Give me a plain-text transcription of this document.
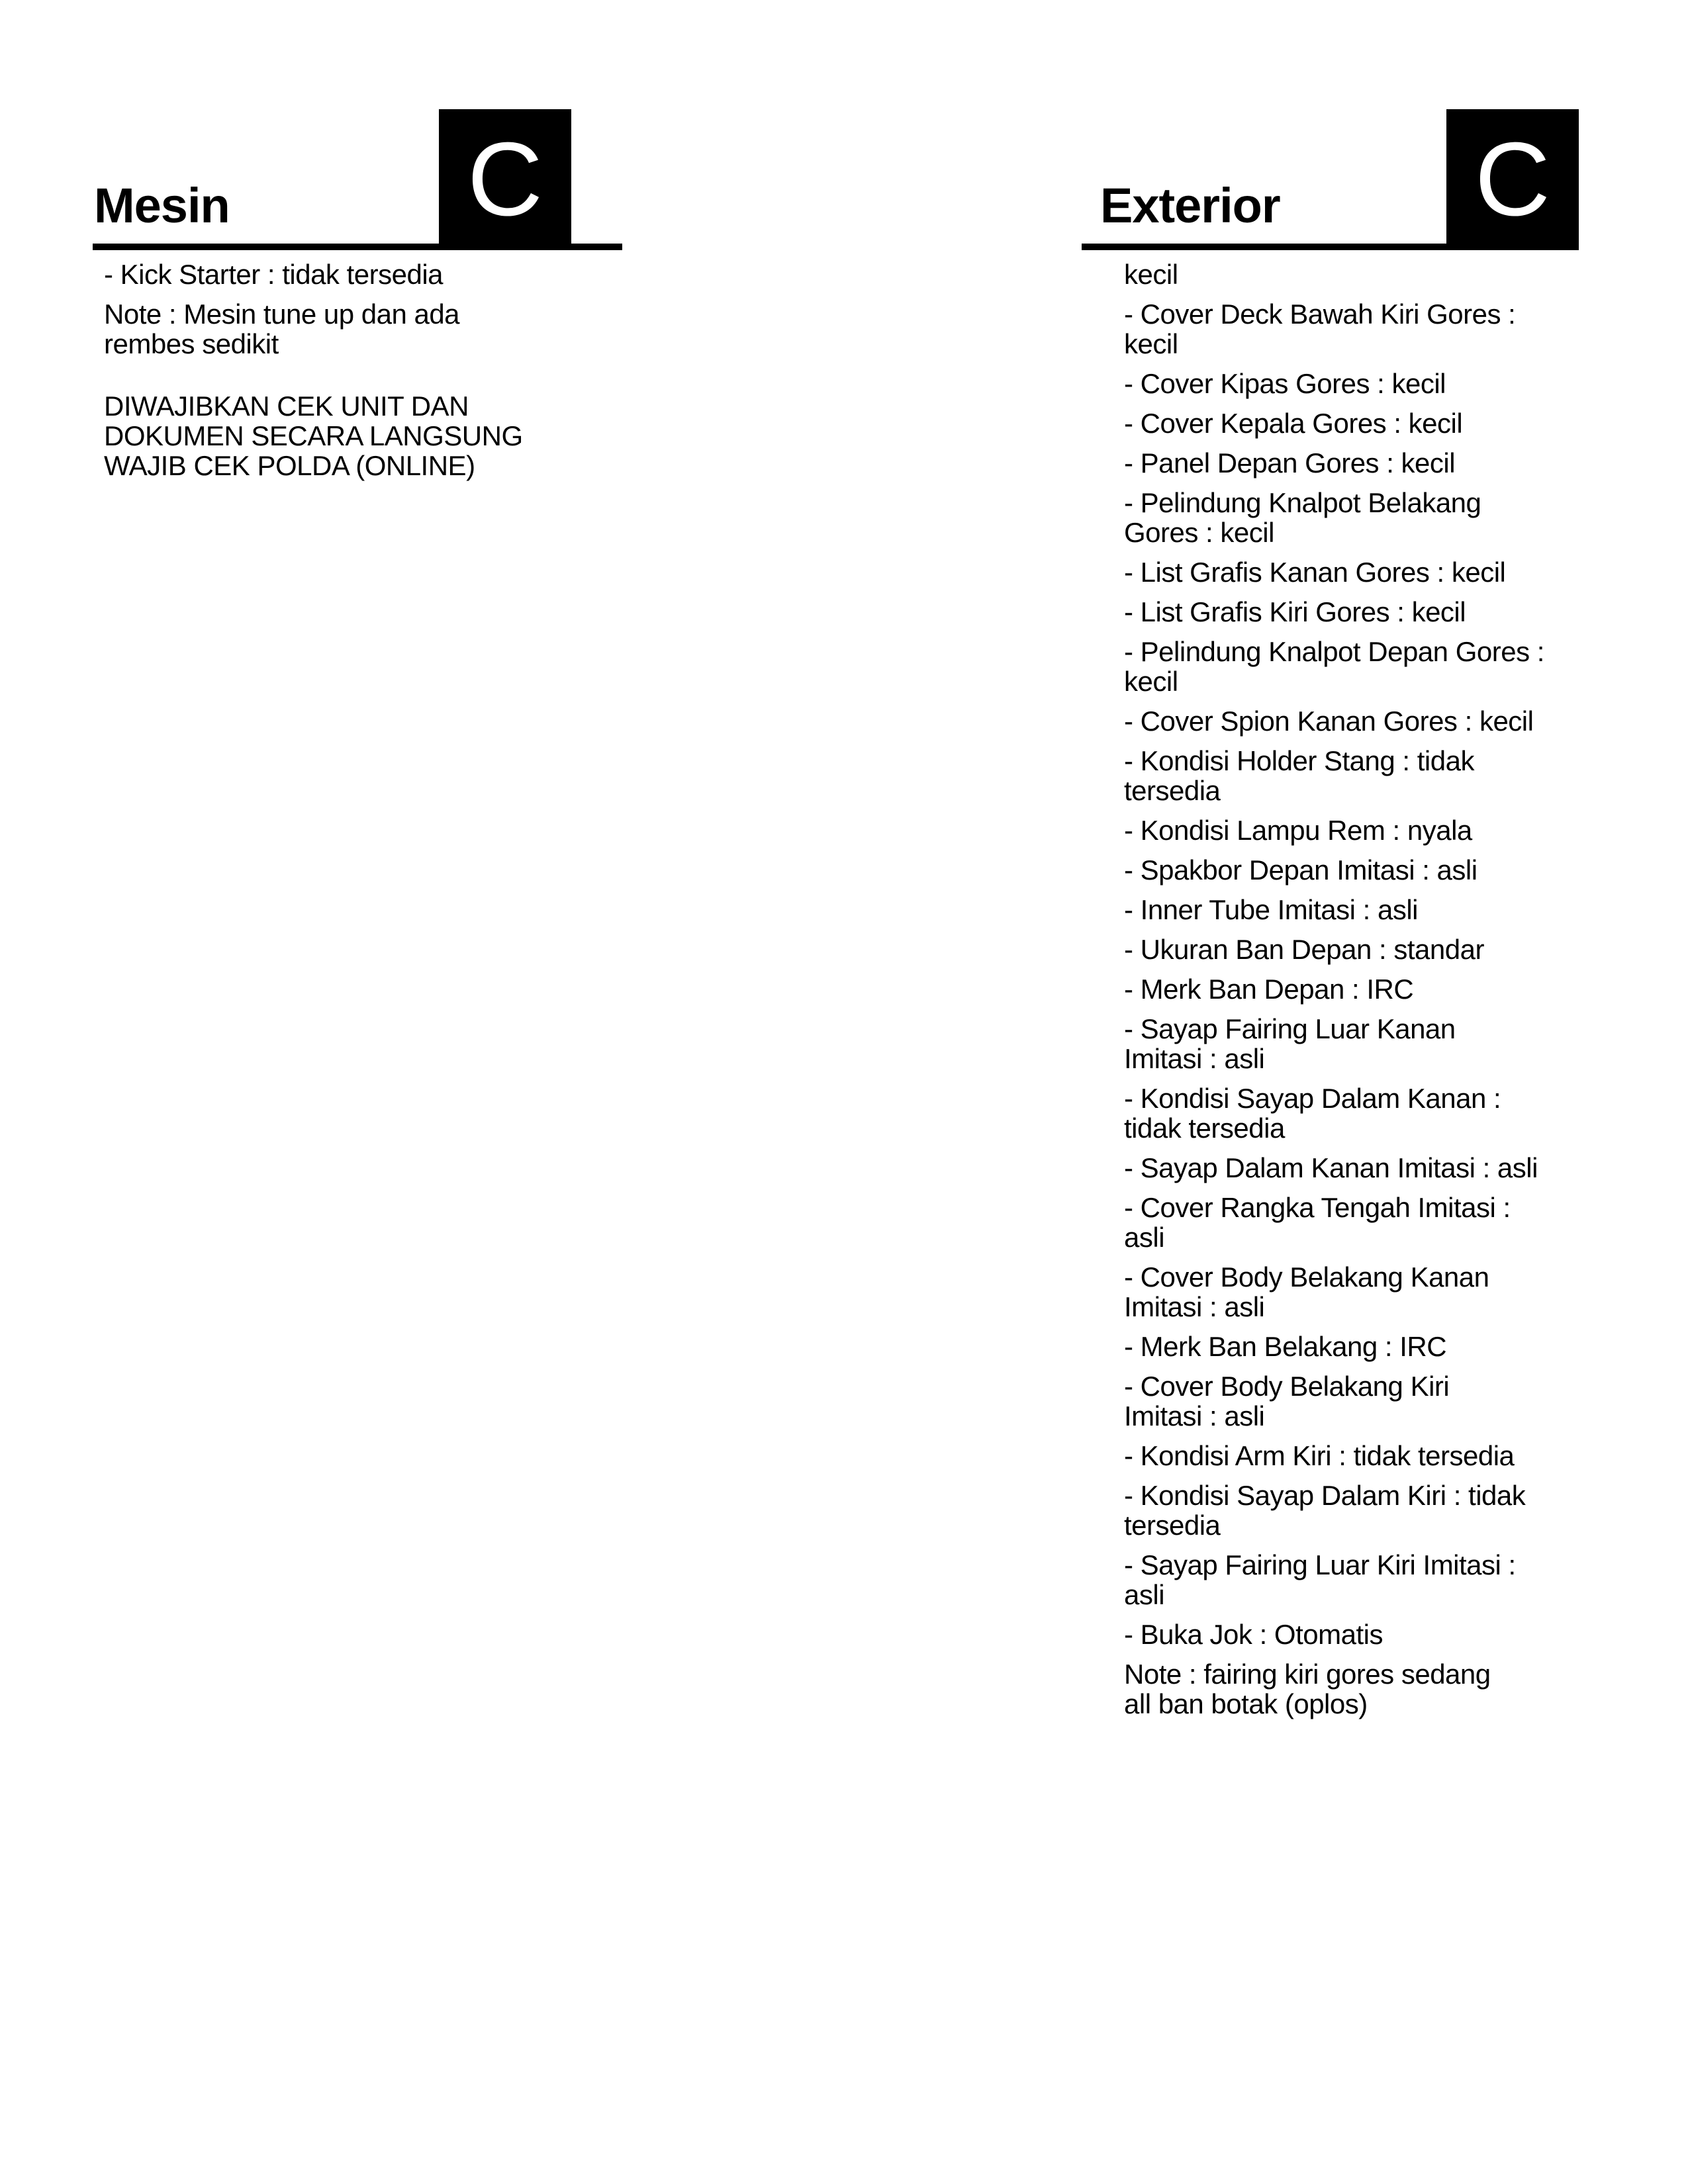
Mesin C
- Kick Starter : tidak tersedia
Note : Mesin tune up dan ada
rembes sedikit
DIWAJIBKAN CEK UNIT DAN
DOKUMEN SECARA LANGSUNG
WAJIB CEK POLDA (ONLINE)
Exterior C
kecil
- Cover Deck Bawah Kiri Gores :
kecil
- Cover Kipas Gores : kecil
- Cover Kepala Gores : kecil
- Panel Depan Gores : kecil
- Pelindung Knalpot Belakang
Gores : kecil
- List Grafis Kanan Gores : kecil
- List Grafis Kiri Gores : kecil
- Pelindung Knalpot Depan Gores :
kecil
- Cover Spion Kanan Gores : kecil
- Kondisi Holder Stang : tidak
tersedia
- Kondisi Lampu Rem : nyala
- Spakbor Depan Imitasi : asli
- Inner Tube Imitasi : asli
- Ukuran Ban Depan : standar
- Merk Ban Depan : IRC
- Sayap Fairing Luar Kanan
Imitasi : asli
- Kondisi Sayap Dalam Kanan :
tidak tersedia
- Sayap Dalam Kanan Imitasi : asli
- Cover Rangka Tengah Imitasi :
asli
- Cover Body Belakang Kanan
Imitasi : asli
- Merk Ban Belakang : IRC
- Cover Body Belakang Kiri
Imitasi : asli
- Kondisi Arm Kiri : tidak tersedia
- Kondisi Sayap Dalam Kiri : tidak
tersedia
- Sayap Fairing Luar Kiri Imitasi :
asli
- Buka Jok : Otomatis
Note : fairing kiri gores sedang
all ban botak (oplos)
